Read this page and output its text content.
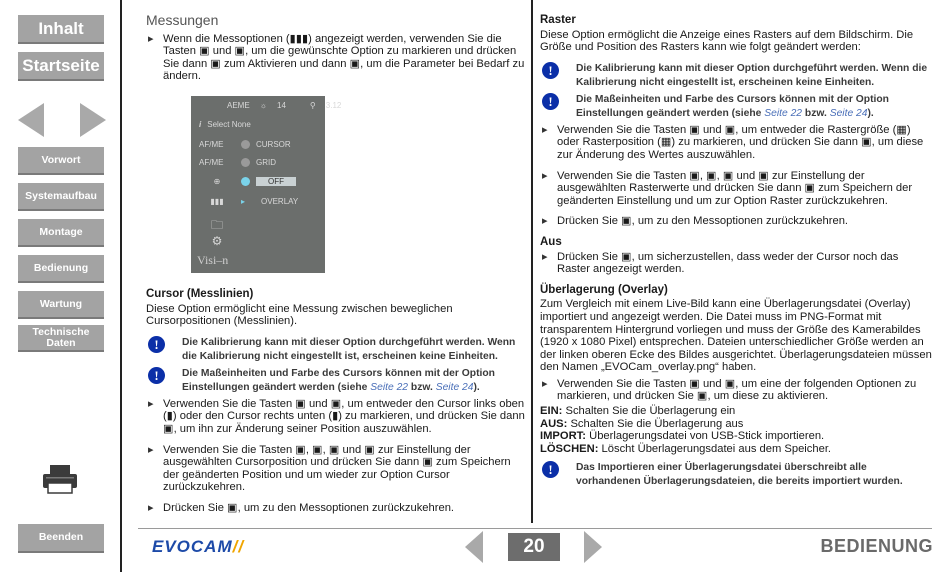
Inhalt
Startseite
Vorwort
Systemaufbau
Montage
Bedienung
Wartung
Technische Daten
Beenden
Messungen
▸ Wenn die Messoptionen (▮▮▮) angezeigt werden, verwenden Sie die Tasten ▣ und ▣, um die gewünschte Option zu markieren und drücken Sie dann ▣ zum Aktivieren und dann ▣, um die Parameter bei Bedarf zu ändern.
AEME ☼ 14	⚲ 3.12
i Select None
AF/ME	CURSOR
AF/ME	GRID
⊕	OFF
▮▮▮	▸ OVERLAY
🗀
⚙
Visi–n
Cursor (Messlinien)

Diese Option ermöglicht eine Messung zwischen beweglichen Cursorpositionen (Messlinien).

!	Die Kalibrierung kann mit dieser Option durchgeführt werden. Wenn die Kalibrierung nicht eingestellt ist, erscheinen keine Einheiten.
!	Die Maßeinheiten und Farbe des Cursors können mit der Option Einstellungen geändert werden (siehe Seite 22 bzw. Seite 24).
▸ Verwenden Sie die Tasten ▣ und ▣, um entweder den Cursor links oben (▮) oder den Cursor rechts unten (▮) zu markieren, und drücken Sie dann ▣, um ihn zur Änderung seiner Position auszuwählen.
▸ Verwenden Sie die Tasten ▣, ▣, ▣ und ▣ zur Einstellung der ausgewählten Cursorposition und drücken Sie dann ▣ zum Speichern der geänderten Position und um wieder zur Option Cursor zurückzukehren.
▸ Drücken Sie ▣, um zu den Messoptionen zurückzukehren.
Raster

Diese Option ermöglicht die Anzeige eines Rasters auf dem Bildschirm. Die Größe und Position des Rasters kann wie folgt geändert werden:

!	Die Kalibrierung kann mit dieser Option durchgeführt werden. Wenn die Kalibrierung nicht eingestellt ist, erscheinen keine Einheiten.
!	Die Maßeinheiten und Farbe des Cursors können mit der Option Einstellungen geändert werden (siehe Seite 22 bzw. Seite 24).
▸ Verwenden Sie die Tasten ▣ und ▣, um entweder die Rastergröße (▦) oder Rasterposition (▦) zu markieren, und drücken Sie dann ▣, um diese zur Änderung des Wertes auszuwählen.
▸ Verwenden Sie die Tasten ▣, ▣, ▣ und ▣ zur Einstellung der ausgewählten Rasterwerte und drücken Sie dann ▣ zum Speichern der geänderten Einstellung und um zur Option Raster zurückzukehren.
▸ Drücken Sie ▣, um zu den Messoptionen zurückzukehren.
Aus
▸ Drücken Sie ▣, um sicherzustellen, dass weder der Cursor noch das Raster angezeigt werden.
Überlagerung (Overlay)

Zum Vergleich mit einem Live-Bild kann eine Überlagerungsdatei (Overlay) importiert und angezeigt werden. Die Datei muss im PNG-Format mit transparentem Hintergrund vorliegen und muss der Größe des Kamerabildes (1920 x 1080 Pixel) entsprechen. Dateien unterschiedlicher Größe werden an der linken oberen Ecke des Bildes ausgerichtet. Überlagerungsdateien müssen den Namen „EVOCam_overlay.png“ haben.

▸ Verwenden Sie die Tasten ▣ und ▣, um eine der folgenden Optionen zu markieren, und drücken Sie ▣, um diese zu aktivieren.
EIN: Schalten Sie die Überlagerung ein
AUS: Schalten Sie die Überlagerung aus
IMPORT: Überlagerungsdatei von USB-Stick importieren.
LÖSCHEN: Löscht Überlagerungsdatei aus dem Speicher.
!	Das Importieren einer Überlagerungsdatei überschreibt alle vorhandenen Überlagerungsdateien, die bereits importiert wurden.
EVOCAM//	20	BEDIENUNG
